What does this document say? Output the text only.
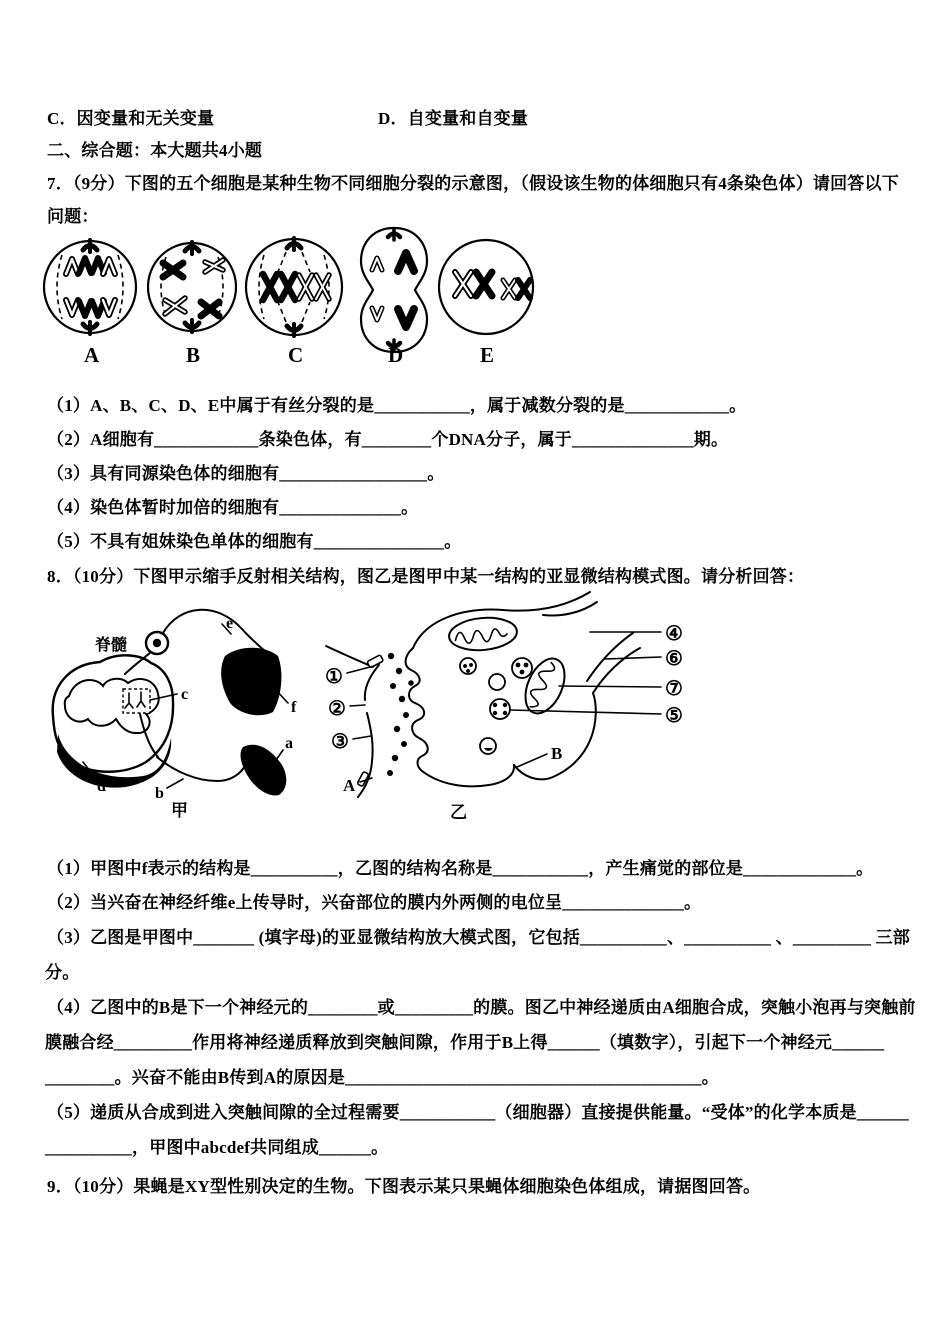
C．因变量和无关变量	D．自变量和自变量
二、综合题：本大题共4小题
7．（9分）下图的五个细胞是某种生物不同细胞分裂的示意图，（假设该生物的体细胞只有4条染色体）请回答以下
问题：
A	B	C	D	E
（1）A、B、C、D、E中属于有丝分裂的是___________，属于减数分裂的是____________。
（2）A细胞有____________条染色体，有________个DNA分子，属于______________期。
（3）具有同源染色体的细胞有_________________。
（4）染色体暂时加倍的细胞有______________。
（5）不具有姐妹染色单体的细胞有_______________。
8．（10分）下图甲示缩手反射相关结构，图乙是图甲中某一结构的亚显微结构模式图。请分析回答：
脊髓
e
c
f
a
b
d
甲
①
②
③
A
④
⑥
⑦
⑤
B
乙
（1）甲图中f表示的结构是__________，乙图的结构名称是___________，产生痛觉的部位是_____________。
（2）当兴奋在神经纤维e上传导时，兴奋部位的膜内外两侧的电位呈______________。
（3）乙图是甲图中_______ (填字母)的亚显微结构放大模式图，它包括__________、__________ 、_________ 三部
分。
（4）乙图中的B是下一个神经元的________或_________的膜。图乙中神经递质由A细胞合成，突触小泡再与突触前
膜融合经_________作用将神经递质释放到突触间隙，作用于B上得______（填数字），引起下一个神经元______
________。兴奋不能由B传到A的原因是_________________________________________。
（5）递质从合成到进入突触间隙的全过程需要___________（细胞器）直接提供能量。“受体”的化学本质是______
__________，甲图中abcdef共同组成______。
9．（10分）果蝇是XY型性别决定的生物。下图表示某只果蝇体细胞染色体组成，请据图回答。
